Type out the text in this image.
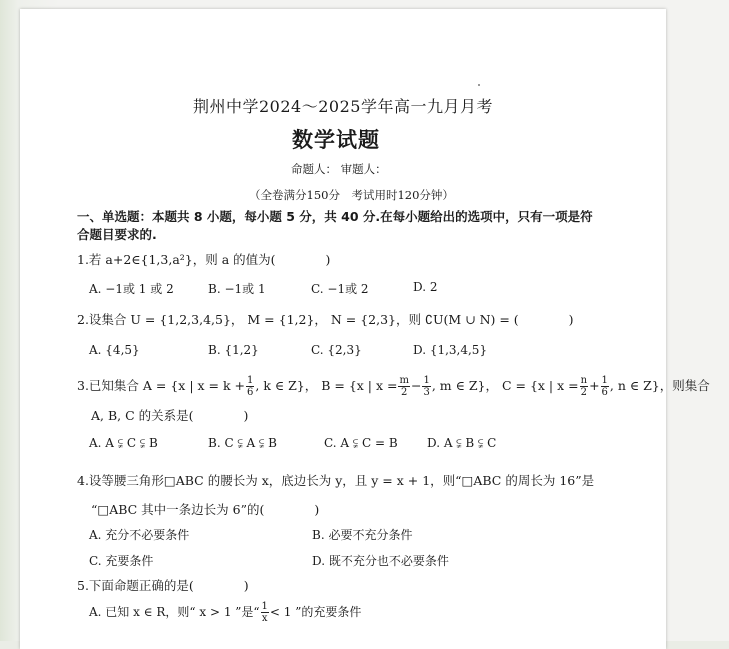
荆州中学2024～2025学年高一九月月考
数学试题
命题人： 审题人：
（全卷满分150分　考试用时120分钟）
一、单选题：本题共 8 小题，每小题 5 分，共 40 分.在每小题给出的选项中，只有一项是符
合题目要求的.
1.若 a+2∈{1,3,a²}，则 a 的值为(　　　　)
A. −1或 1 或 2	B. −1或 1	C. −1或 2	D. 2
2.设集合 U = {1,2,3,4,5}， M = {1,2}， N = {2,3}，则 ∁U(M ∪ N) = (　　　　)
A. {4,5}	B. {1,2}	C. {2,3}	D. {1,3,4,5}
3.已知集合 A = {x | $x = k + \frac{1}{6}$ , k ∈ Z}， B = {x | $x = \frac{m}{2} - \frac{1}{3}$ , m ∈ Z}， C = {x | $x = \frac{n}{2} + \frac{1}{6}$ , n ∈ Z}，则集合
A, B, C 的关系是(　　　　)
A. A ⫋ C ⫋ B	B. C ⫋ A ⫋ B	C. A ⫋ C = B D. A ⫋ B ⫋ C
4.设等腰三角形□ABC 的腰长为 x，底边长为 y，且 y = x + 1，则“□ABC 的周长为 16”是
“□ABC 其中一条边长为 6”的(　　　　)
A. 充分不必要条件	B. 必要不充分条件
C. 充要条件	D. 既不充分也不必要条件
5.下面命题正确的是(　　　　)
A. 已知 x ∈ R，则“ x > 1 ”是“ $\frac{1}{x} < 1$ ”的充要条件
